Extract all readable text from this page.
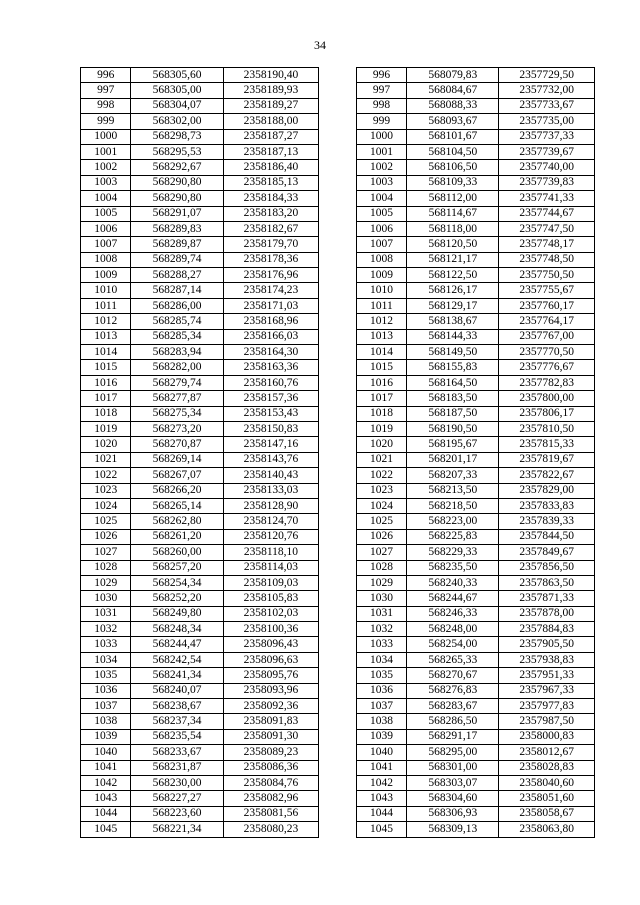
34
996	568305,60	2358190,40		996	568079,83	2357729,50
997	568305,00	2358189,93		997	568084,67	2357732,00
998	568304,07	2358189,27		998	568088,33	2357733,67
999	568302,00	2358188,00		999	568093,67	2357735,00
1000	568298,73	2358187,27		1000	568101,67	2357737,33
1001	568295,53	2358187,13		1001	568104,50	2357739,67
1002	568292,67	2358186,40		1002	568106,50	2357740,00
1003	568290,80	2358185,13		1003	568109,33	2357739,83
1004	568290,80	2358184,33		1004	568112,00	2357741,33
1005	568291,07	2358183,20		1005	568114,67	2357744,67
1006	568289,83	2358182,67		1006	568118,00	2357747,50
1007	568289,87	2358179,70		1007	568120,50	2357748,17
1008	568289,74	2358178,36		1008	568121,17	2357748,50
1009	568288,27	2358176,96		1009	568122,50	2357750,50
1010	568287,14	2358174,23		1010	568126,17	2357755,67
1011	568286,00	2358171,03		1011	568129,17	2357760,17
1012	568285,74	2358168,96		1012	568138,67	2357764,17
1013	568285,34	2358166,03		1013	568144,33	2357767,00
1014	568283,94	2358164,30		1014	568149,50	2357770,50
1015	568282,00	2358163,36		1015	568155,83	2357776,67
1016	568279,74	2358160,76		1016	568164,50	2357782,83
1017	568277,87	2358157,36		1017	568183,50	2357800,00
1018	568275,34	2358153,43		1018	568187,50	2357806,17
1019	568273,20	2358150,83		1019	568190,50	2357810,50
1020	568270,87	2358147,16		1020	568195,67	2357815,33
1021	568269,14	2358143,76		1021	568201,17	2357819,67
1022	568267,07	2358140,43		1022	568207,33	2357822,67
1023	568266,20	2358133,03		1023	568213,50	2357829,00
1024	568265,14	2358128,90		1024	568218,50	2357833,83
1025	568262,80	2358124,70		1025	568223,00	2357839,33
1026	568261,20	2358120,76		1026	568225,83	2357844,50
1027	568260,00	2358118,10		1027	568229,33	2357849,67
1028	568257,20	2358114,03		1028	568235,50	2357856,50
1029	568254,34	2358109,03		1029	568240,33	2357863,50
1030	568252,20	2358105,83		1030	568244,67	2357871,33
1031	568249,80	2358102,03		1031	568246,33	2357878,00
1032	568248,34	2358100,36		1032	568248,00	2357884,83
1033	568244,47	2358096,43		1033	568254,00	2357905,50
1034	568242,54	2358096,63		1034	568265,33	2357938,83
1035	568241,34	2358095,76		1035	568270,67	2357951,33
1036	568240,07	2358093,96		1036	568276,83	2357967,33
1037	568238,67	2358092,36		1037	568283,67	2357977,83
1038	568237,34	2358091,83		1038	568286,50	2357987,50
1039	568235,54	2358091,30		1039	568291,17	2358000,83
1040	568233,67	2358089,23		1040	568295,00	2358012,67
1041	568231,87	2358086,36		1041	568301,00	2358028,83
1042	568230,00	2358084,76		1042	568303,07	2358040,60
1043	568227,27	2358082,96		1043	568304,60	2358051,60
1044	568223,60	2358081,56		1044	568306,93	2358058,67
1045	568221,34	2358080,23		1045	568309,13	2358063,80
